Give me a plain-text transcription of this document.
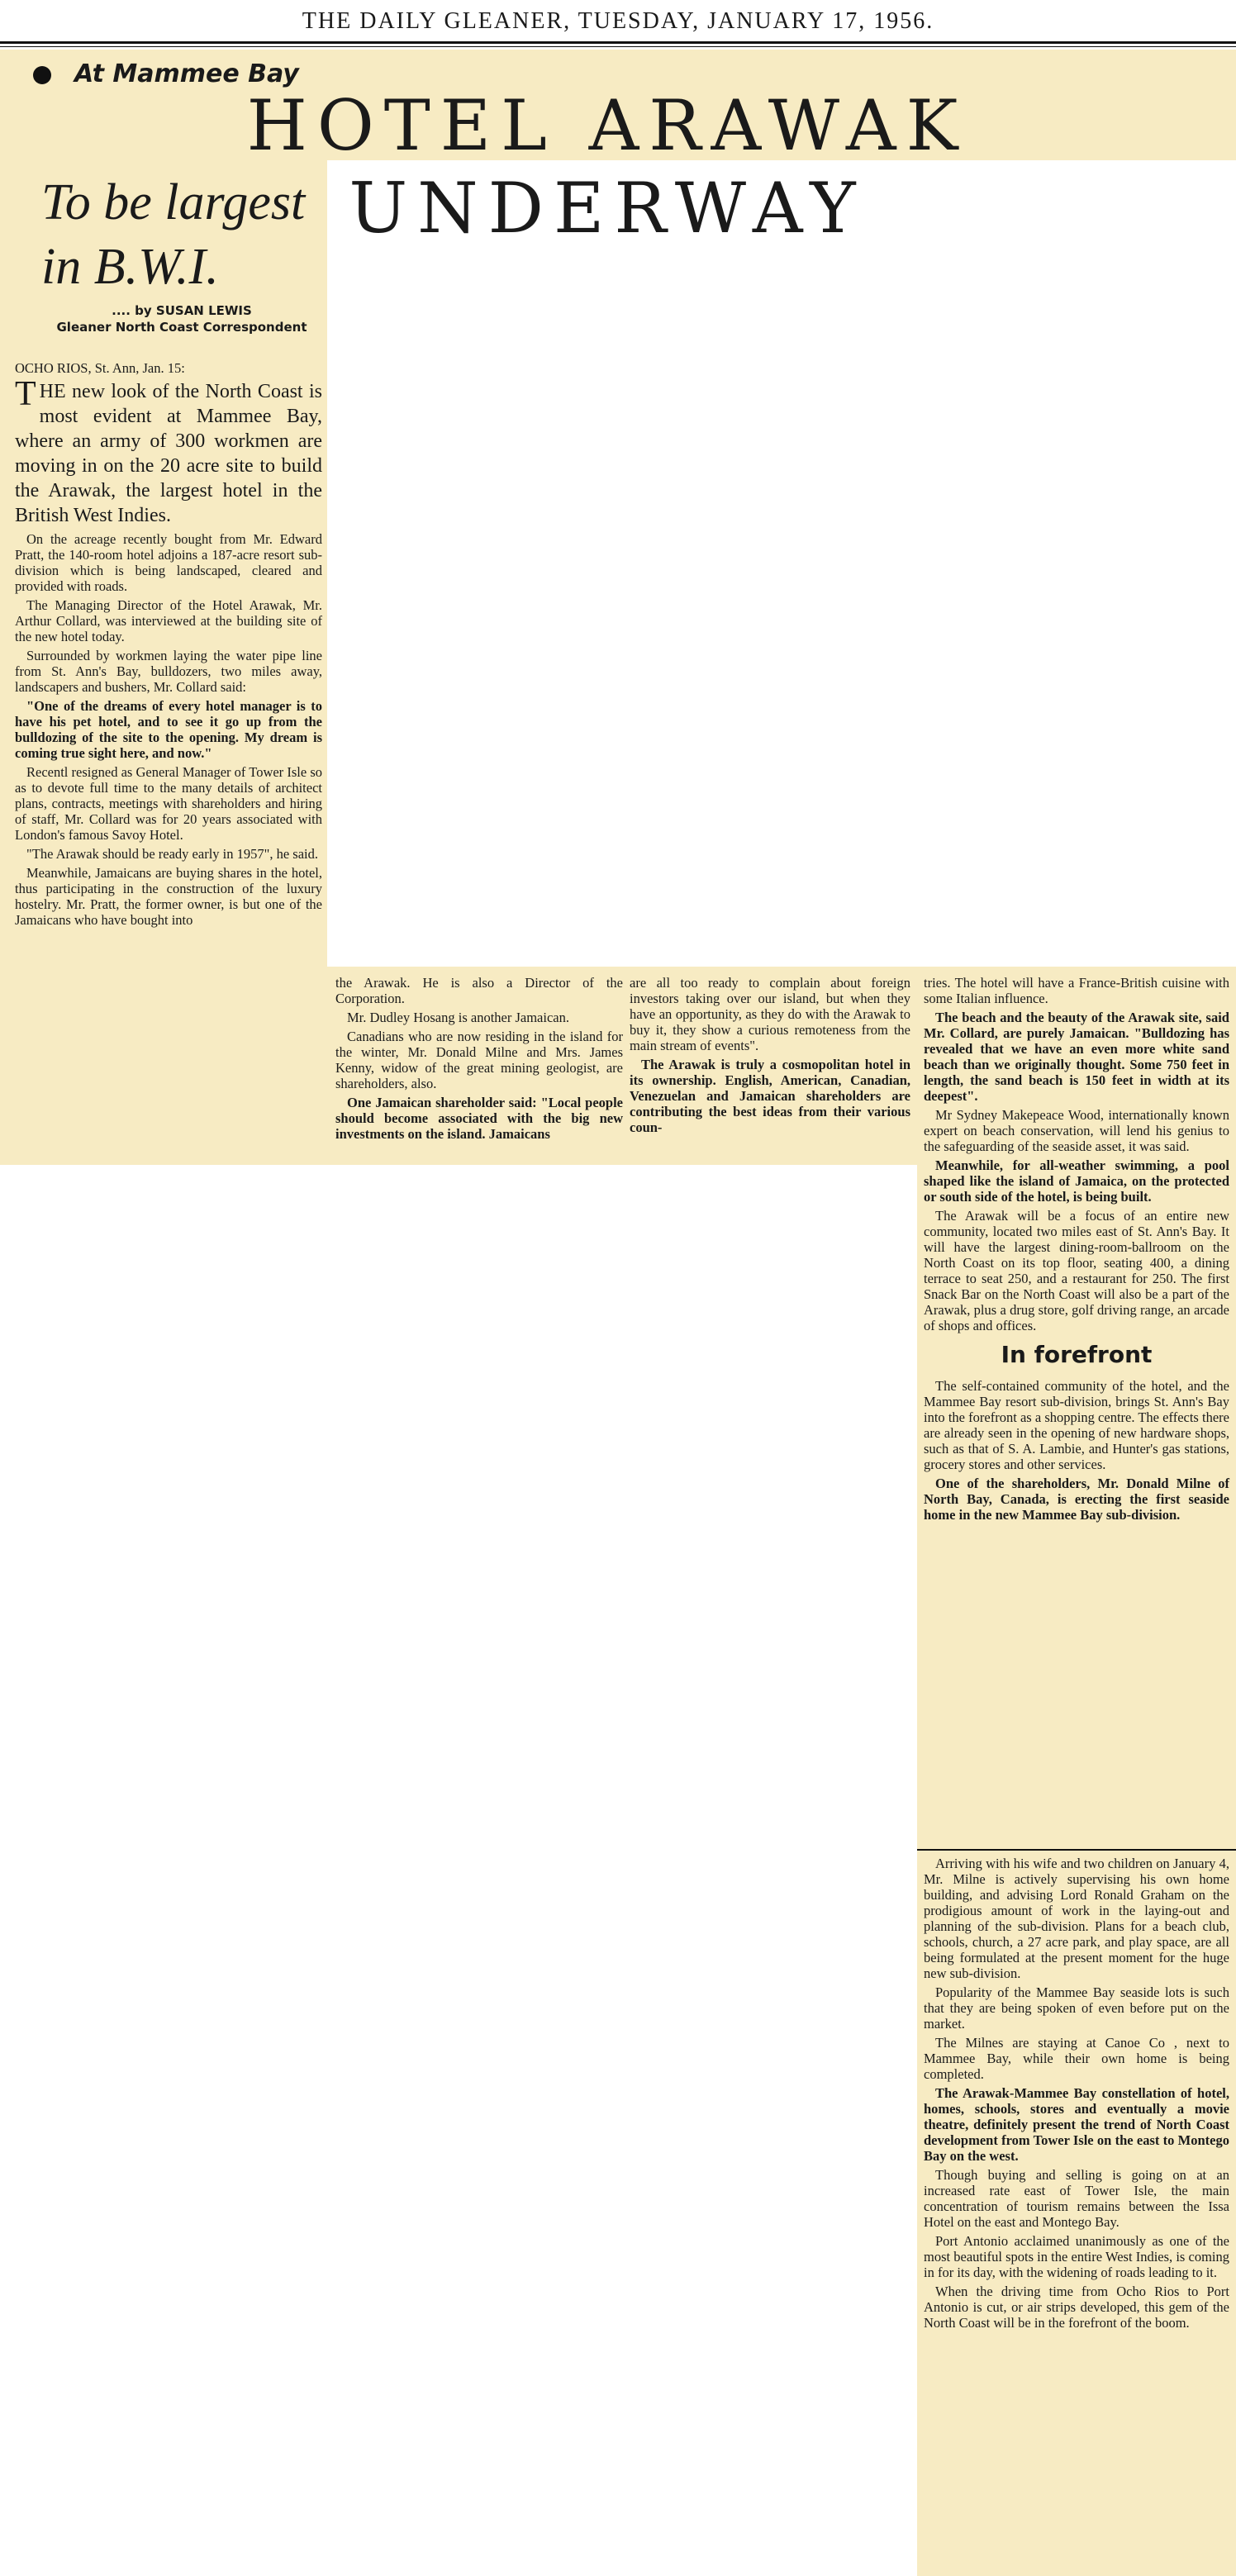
THE DAILY GLEANER, TUESDAY, JANUARY 17, 1956.
At Mammee Bay
HOTEL ARAWAK UNDERWAY
To be largest in B.W.I.
.... by SUSAN LEWIS
Gleaner North Coast Correspondent

OCHO RIOS, St. Ann, Jan. 15:

THE new look of the North Coast is most evident at Mammee Bay, where an army of 300 workmen are moving in on the 20 acre site to build the Arawak, the largest hotel in the British West Indies.

On the acreage recently bought from Mr. Edward Pratt, the 140-room hotel adjoins a 187-acre resort sub-division which is being landscaped, cleared and provided with roads.

The Managing Director of the Hotel Arawak, Mr. Arthur Collard, was interviewed at the building site of the new hotel today.

Surrounded by workmen laying the water pipe line from St. Ann's Bay, bulldozers, two miles away, landscapers and bushers, Mr. Collard said:

"One of the dreams of every hotel manager is to have his pet hotel, and to see it go up from the bulldozing of the site to the opening. My dream is coming true sight here, and now."

Recentl resigned as General Manager of Tower Isle so as to devote full time to the many details of architect plans, contracts, meetings with shareholders and hiring of staff, Mr. Collard was for 20 years associated with London's famous Savoy Hotel.

"The Arawak should be ready early in 1957", he said.

Meanwhile, Jamaicans are buying shares in the hotel, thus participating in the construction of the luxury hostelry. Mr. Pratt, the former owner, is but one of the Jamaicans who have bought into

the Arawak. He is also a Director of the Corporation.

Mr. Dudley Hosang is another Jamaican.

Canadians who are now residing in the island for the winter, Mr. Donald Milne and Mrs. James Kenny, widow of the great mining geologist, are shareholders, also.

One Jamaican shareholder said: "Local people should become associated with the big new investments on the island. Jamaicans

are all too ready to complain about foreign investors taking over our island, but when they have an opportunity, as they do with the Arawak to buy it, they show a curious remoteness from the main stream of events".

The Arawak is truly a cosmopolitan hotel in its ownership. English, American, Canadian, Venezuelan and Jamaican shareholders are contributing the best ideas from their various coun-

tries. The hotel will have a France-British cuisine with some Italian influence.

The beach and the beauty of the Arawak site, said Mr. Collard, are purely Jamaican. "Bulldozing has revealed that we have an even more white sand beach than we originally thought. Some 750 feet in length, the sand beach is 150 feet in width at its deepest".

Mr Sydney Makepeace Wood, internationally known expert on beach conservation, will lend his genius to the safeguarding of the seaside asset, it was said.

Meanwhile, for all-weather swimming, a pool shaped like the island of Jamaica, on the protected or south side of the hotel, is being built.

The Arawak will be a focus of an entire new community, located two miles east of St. Ann's Bay. It will have the largest dining-room-ballroom on the North Coast on its top floor, seating 400, a dining terrace to seat 250, and a restaurant for 250. The first Snack Bar on the North Coast will also be a part of the Arawak, plus a drug store, golf driving range, an arcade of shops and offices.

In forefront

The self-contained community of the hotel, and the Mammee Bay resort sub-division, brings St. Ann's Bay into the forefront as a shopping centre. The effects there are already seen in the opening of new hardware shops, such as that of S. A. Lambie, and Hunter's gas stations, grocery stores and other services.

One of the shareholders, Mr. Donald Milne of North Bay, Canada, is erecting the first seaside home in the new Mammee Bay sub-division.

Arriving with his wife and two children on January 4, Mr. Milne is actively supervising his own home building, and advising Lord Ronald Graham on the prodigious amount of work in the laying-out and planning of the sub-division. Plans for a beach club, schools, church, a 27 acre park, and play space, are all being formulated at the present moment for the huge new sub-division.

Popularity of the Mammee Bay seaside lots is such that they are being spoken of even before put on the market.

The Milnes are staying at Canoe Co , next to Mammee Bay, while their own home is being completed.

The Arawak-Mammee Bay constellation of hotel, homes, schools, stores and eventually a movie theatre, definitely present the trend of North Coast development from Tower Isle on the east to Montego Bay on the west.

Though buying and selling is going on at an increased rate east of Tower Isle, the main concentration of tourism remains between the Issa Hotel on the east and Montego Bay.

Port Antonio acclaimed unanimously as one of the most beautiful spots in the entire West Indies, is coming in for its day, with the widening of roads leading to it.

When the driving time from Ocho Rios to Port Antonio is cut, or air strips developed, this gem of the North Coast will be in the forefront of the boom.
